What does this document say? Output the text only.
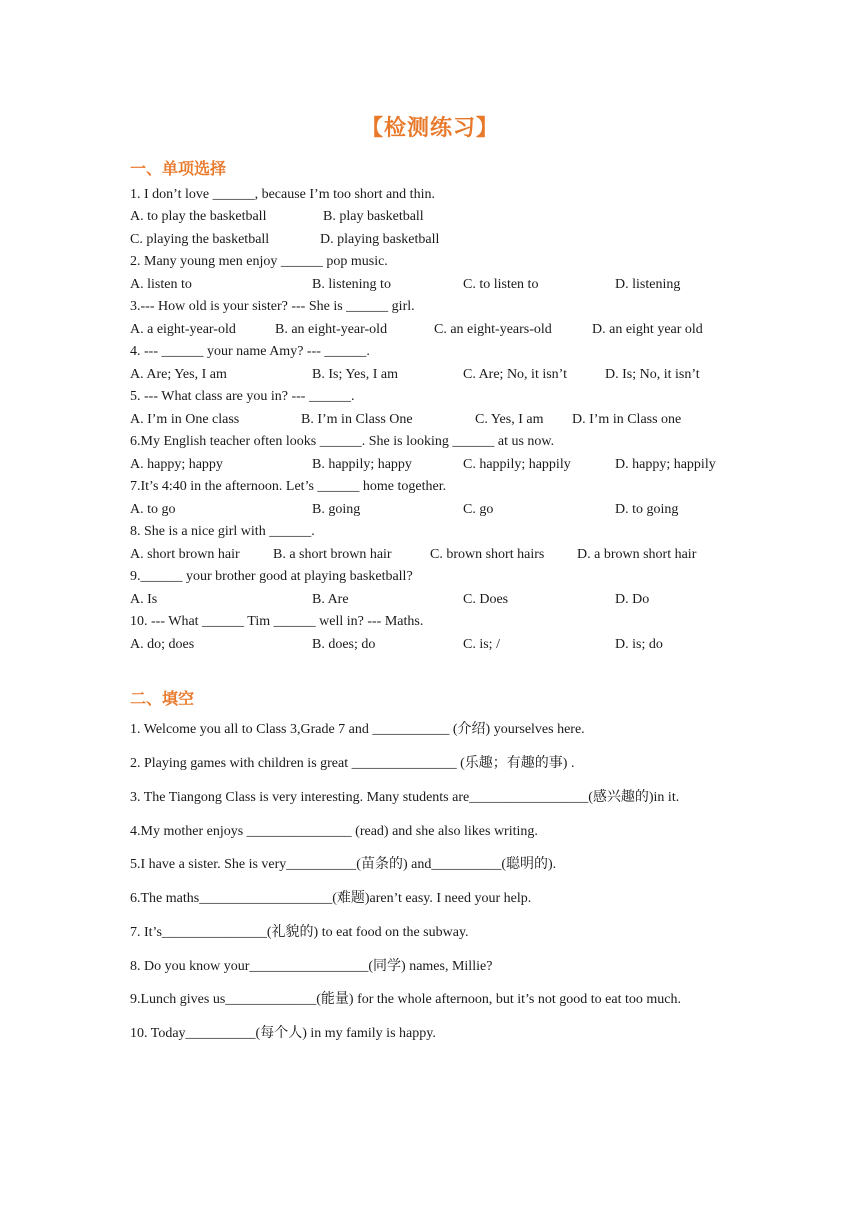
【检测练习】
一、单项选择
1. I don’t love ______, because I’m too short and thin.
A. to play the basketball	B. play basketball
C. playing the basketball	D. playing basketball
2. Many young men enjoy ______ pop music.
A. listen to	B. listening to	C. to listen to	D. listening
3.--- How old is your sister? --- She is ______ girl.
A. a eight-year-old	B. an eight-year-old	C. an eight-years-old	D. an eight year old
4. --- ______ your name Amy? --- ______.
A. Are; Yes, I am	B. Is; Yes, I am	C. Are; No, it isn’t	D. Is; No, it isn’t
5. --- What class are you in? --- ______.
A. I’m in One class	B. I’m in Class One	C. Yes, I am D. I’m in Class one
6.My English teacher often looks ______. She is looking ______ at us now.
A. happy; happy	B. happily; happy	C. happily; happily	D. happy; happily
7.It’s 4:40 in the afternoon. Let’s ______ home together.
A. to go	B. going	C. go	D. to going
8. She is a nice girl with ______.
A. short brown hair B. a short brown hair	C. brown short hairs D. a brown short hair
9.______ your brother good at playing basketball?
A. Is	B. Are	C. Does	D. Do
10. --- What ______ Tim ______ well in? --- Maths.
A. do; does	B. does; do	C. is; /	D. is; do
二、填空
1. Welcome you all to Class 3,Grade 7 and ___________ (介绍) yourselves here.
2. Playing games with children is great _______________ (乐趣；有趣的事) .
3. The Tiangong Class is very interesting. Many students are_________________(感兴趣的)in it.
4.My mother enjoys _______________ (read) and she also likes writing.
5.I have a sister. She is very__________(苗条的) and__________(聪明的).
6.The maths___________________(难题)aren’t easy. I need your help.
7. It’s_______________(礼貌的) to eat food on the subway.
8. Do you know your_________________(同学) names, Millie?
9.Lunch gives us_____________(能量) for the whole afternoon, but it’s not good to eat too much.
10. Today__________(每个人) in my family is happy.
